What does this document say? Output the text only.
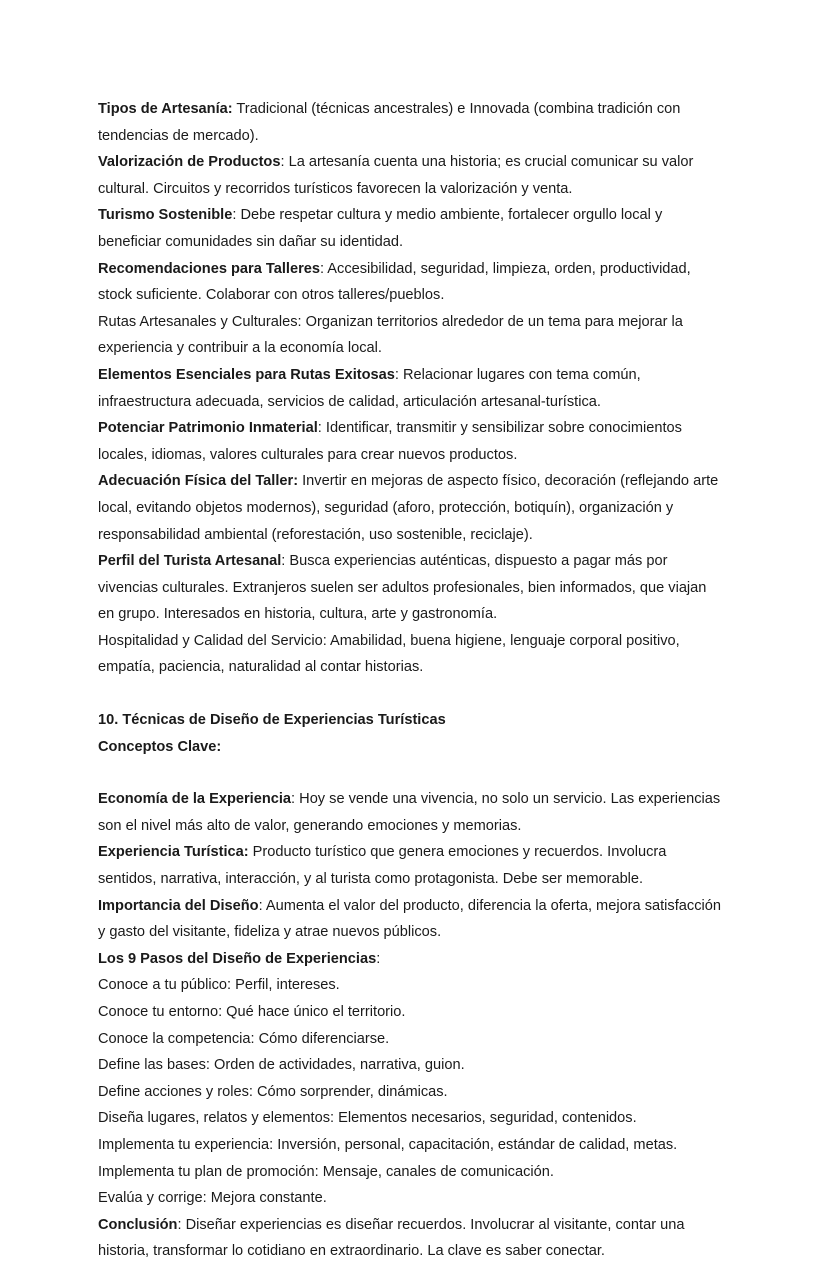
Tipos de Artesanía: Tradicional (técnicas ancestrales) e Innovada (combina tradición con tendencias de mercado).

Valorización de Productos: La artesanía cuenta una historia; es crucial comunicar su valor cultural. Circuitos y recorridos turísticos favorecen la valorización y venta.

Turismo Sostenible: Debe respetar cultura y medio ambiente, fortalecer orgullo local y beneficiar comunidades sin dañar su identidad.

Recomendaciones para Talleres: Accesibilidad, seguridad, limpieza, orden, productividad, stock suficiente. Colaborar con otros talleres/pueblos.

Rutas Artesanales y Culturales: Organizan territorios alrededor de un tema para mejorar la experiencia y contribuir a la economía local.

Elementos Esenciales para Rutas Exitosas: Relacionar lugares con tema común, infraestructura adecuada, servicios de calidad, articulación artesanal-turística.

Potenciar Patrimonio Inmaterial: Identificar, transmitir y sensibilizar sobre conocimientos locales, idiomas, valores culturales para crear nuevos productos.

Adecuación Física del Taller: Invertir en mejoras de aspecto físico, decoración (reflejando arte local, evitando objetos modernos), seguridad (aforo, protección, botiquín), organización y responsabilidad ambiental (reforestación, uso sostenible, reciclaje).

Perfil del Turista Artesanal: Busca experiencias auténticas, dispuesto a pagar más por vivencias culturales. Extranjeros suelen ser adultos profesionales, bien informados, que viajan en grupo. Interesados en historia, cultura, arte y gastronomía.

Hospitalidad y Calidad del Servicio: Amabilidad, buena higiene, lenguaje corporal positivo, empatía, paciencia, naturalidad al contar historias.

10. Técnicas de Diseño de Experiencias Turísticas

Conceptos Clave:

Economía de la Experiencia: Hoy se vende una vivencia, no solo un servicio. Las experiencias son el nivel más alto de valor, generando emociones y memorias.

Experiencia Turística: Producto turístico que genera emociones y recuerdos. Involucra sentidos, narrativa, interacción, y al turista como protagonista. Debe ser memorable.

Importancia del Diseño: Aumenta el valor del producto, diferencia la oferta, mejora satisfacción y gasto del visitante, fideliza y atrae nuevos públicos.

Los 9 Pasos del Diseño de Experiencias:

Conoce a tu público: Perfil, intereses.

Conoce tu entorno: Qué hace único el territorio.

Conoce la competencia: Cómo diferenciarse.

Define las bases: Orden de actividades, narrativa, guion.

Define acciones y roles: Cómo sorprender, dinámicas.

Diseña lugares, relatos y elementos: Elementos necesarios, seguridad, contenidos.

Implementa tu experiencia: Inversión, personal, capacitación, estándar de calidad, metas.

Implementa tu plan de promoción: Mensaje, canales de comunicación.

Evalúa y corrige: Mejora constante.

Conclusión: Diseñar experiencias es diseñar recuerdos. Involucrar al visitante, contar una historia, transformar lo cotidiano en extraordinario. La clave es saber conectar.
